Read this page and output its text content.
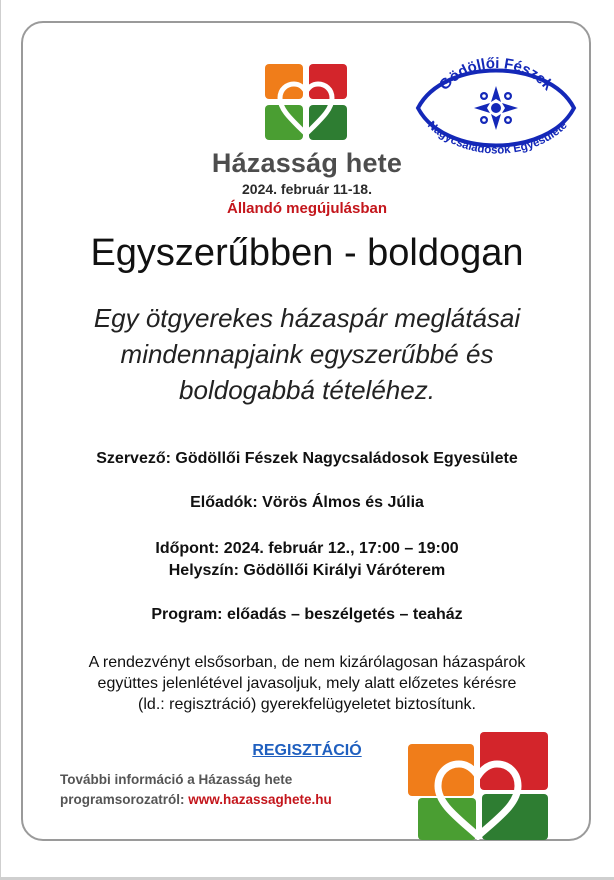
Házasság hete
2024. február 11-18.
Állandó megújulásban
Gödöllői Fészek
Nagycsaládosok Egyesülete
Egyszerűbben - boldogan
Egy ötgyerekes házaspár meglátásai
mindennapjaink egyszerűbbé és
boldogabbá tételéhez.
Szervező: Gödöllői Fészek Nagycsaládosok Egyesülete
Előadók: Vörös Álmos és Júlia
Időpont: 2024. február 12., 17:00 – 19:00
Helyszín: Gödöllői Királyi Váróterem
Program: előadás – beszélgetés – teaház
A rendezvényt elsősorban, de nem kizárólagosan házaspárok
együttes jelenlétével javasoljuk, mely alatt előzetes kérésre
(ld.: regisztráció) gyerekfelügyeletet biztosítunk.
REGISZTÁCIÓ
További információ a Házasság hete
programsorozatról: www.hazassaghete.hu
